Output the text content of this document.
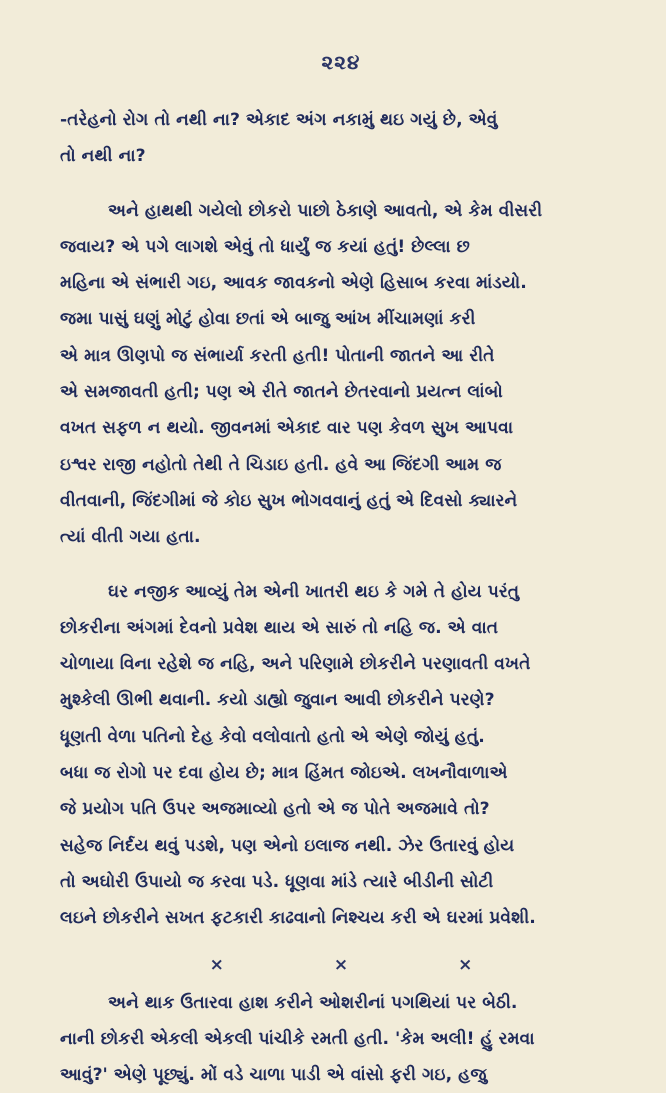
૨૨૪
-તરેહનો રોગ તો નથી ના? એકાદ અંગ નકામું થઇ ગયું છે, એવું
તો નથી ના?
અને હાથથી ગયેલો છોકરો પાછો ઠેકાણે આવતો, એ કેમ વીસરી
જવાય? એ પગે લાગશે એવું તો ધાર્યું જ કયાં હતું! છેલ્લા છ
મહિના એ સંભારી ગઇ, આવક જાવકનો એણે હિસાબ કરવા માંડયો.
જમા પાસું ઘણું મોટું હોવા છતાં એ બાજુ આંખ મીંચામણાં કરી
એ માત્ર ઊણપો જ સંભાર્યા કરતી હતી! પોતાની જાતને આ રીતે
એ સમજાવતી હતી; પણ એ રીતે જાતને છેતરવાનો પ્રયત્ન લાંબો
વખત સફળ ન થયો. જીવનમાં એકાદ વાર પણ કેવળ સુખ આપવા
ઇશ્વર રાજી નહોતો તેથી તે ચિડાઇ હતી. હવે આ જિંદગી આમ જ
વીતવાની, જિંદગીમાં જે કોઇ સુખ ભોગવવાનું હતું એ દિવસો ક્યારને
ત્યાં વીતી ગયા હતા.
ઘર નજીક આવ્યું તેમ એની ખાતરી થઇ કે ગમે તે હોય પરંતુ
છોકરીના અંગમાં દેવનો પ્રવેશ થાય એ સારું તો નહિ જ. એ વાત
ચોળાયા વિના રહેશે જ નહિ, અને પરિણામે છોકરીને પરણાવતી વખતે
મુશ્કેલી ઊભી થવાની. કયો ડાહ્યો જુવાન આવી છોકરીને પરણે?
ધૂણતી વેળા પતિનો દેહ કેવો વલોવાતો હતો એ એણે જોયું હતું.
બધા જ રોગો પર દવા હોય છે; માત્ર હિંમત જોઇએ. લખનૌવાળાએ
જે પ્રયોગ પતિ ઉપર અજમાવ્યો હતો એ જ પોતે અજમાવે તો?
સહેજ નિર્દય થવું પડશે, પણ એનો ઇલાજ નથી. ઝેર ઉતારવું હોય
તો અઘોરી ઉપાયો જ કરવા પડે. ધૂણવા માંડે ત્યારે બીડીની સોટી
લઇને છોકરીને સખત ફટકારી કાઢવાનો નિશ્ચય કરી એ ઘરમાં પ્રવેશી.
×	×	×
અને થાક ઉતારવા હાશ કરીને ઓશરીનાં પગથિયાં પર બેઠી.
નાની છોકરી એકલી એકલી પાંચીકે રમતી હતી. 'કેમ અલી! હું રમવા
આવું?' એણે પૂછ્યું. મોં વડે ચાળા પાડી એ વાંસો ફરી ગઇ, હજુ
